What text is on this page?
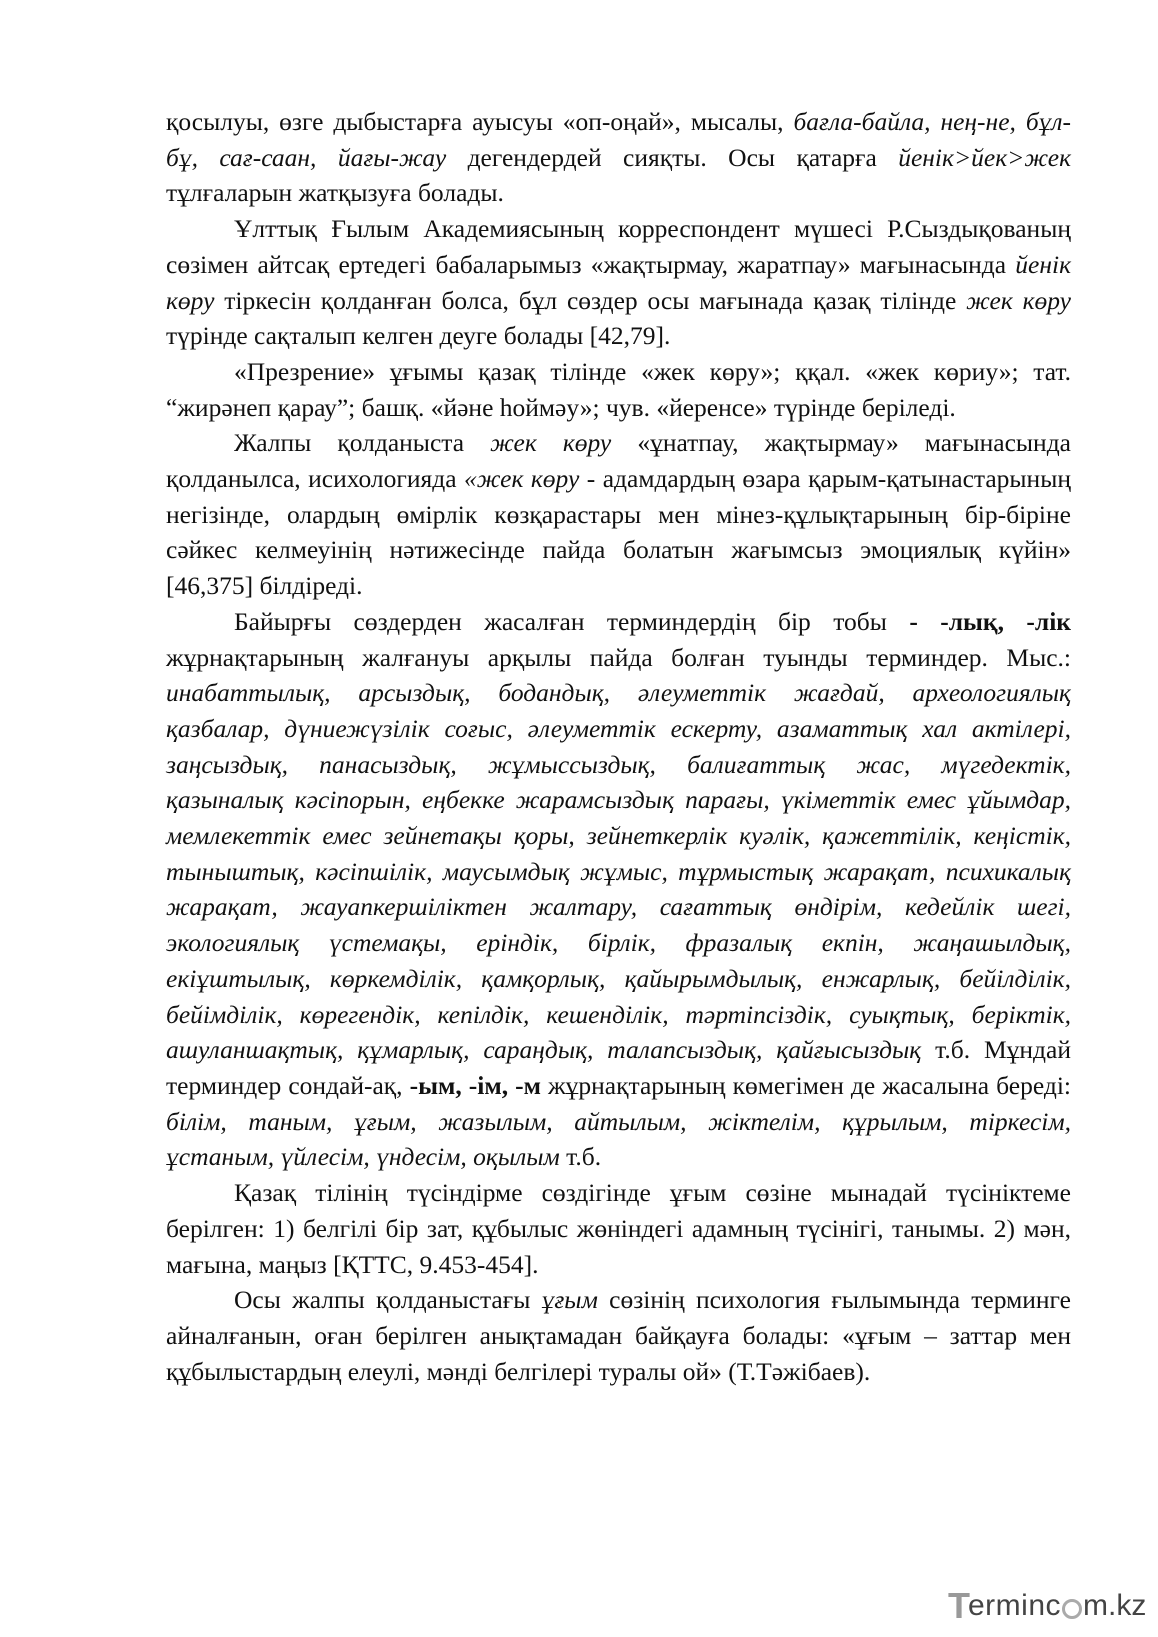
қосылуы, өзге дыбыстарға ауысуы «оп-оңай», мысалы, бағла-байла, нең-не, бұл-бұ, сағ-саан, йағы-жау дегендердей сияқты. Осы қатарға йенік>йек>жек тұлғаларын жатқызуға болады.

Ұлттық Ғылым Академиясының корреспондент мүшесі Р.Сыздықованың сөзімен айтсақ ертедегі бабаларымыз «жақтырмау, жаратпау» мағынасында йенік көру тіркесін қолданған болса, бұл сөздер осы мағынада қазақ тілінде жек көру түрінде сақталып келген деуге болады [42,79].

«Презрение» ұғымы қазақ тілінде «жек көру»; ққал. «жек көриу»; тат. “жирәнеп қарау”; башқ. «йәне һоймәу»; чув. «йеренсе» түрінде беріледі.

Жалпы қолданыста жек көру «ұнатпау, жақтырмау» мағынасында қолданылса, исихологияда «жек көру - адамдардың өзара қарым-қатынастарының негізінде, олардың өмірлік көзқарастары мен мінез-құлықтарының бір-біріне сәйкес келмеуінің нәтижесінде пайда болатын жағымсыз эмоциялық күйін» [46,375] білдіреді.

Байырғы сөздерден жасалған терминдердің бір тобы - -лық, -лік жұрнақтарының жалғануы арқылы пайда болған туынды терминдер. Мыс.: инабаттылық, арсыздық, бодандық, әлеуметтік жағдай, археологиялық қазбалар, дүниежүзілік соғыс, әлеуметтік ескерту, азаматтық хал актілері, заңсыздық, панасыздық, жұмыссыздық, балиғаттық жас, мүгедектік, қазыналық кәсіпорын, еңбекке жарамсыздық парағы, үкіметтік емес ұйымдар, мемлекеттік емес зейнетақы қоры, зейнеткерлік куәлік, қажеттілік, кеңістік, тыныштық, кәсіпшілік, маусымдық жұмыс, тұрмыстық жарақат, психикалық жарақат, жауапкершіліктен жалтару, сағаттық өндірім, кедейлік шегі, экологиялық үстемақы, еріндік, бірлік, фразалық екпін, жаңашылдық, екіұштылық, көркемділік, қамқорлық, қайырымдылық, енжарлық, бейілділік, бейімділік, көрегендік, кепілдік, кешенділік, тәртіпсіздік, суықтық, беріктік, ашуланшақтық, құмарлық, сараңдық, талапсыздық, қайғысыздық т.б. Мұндай терминдер сондай-ақ, -ым, -ім, -м жұрнақтарының көмегімен де жасалына береді: білім, таным, ұғым, жазылым, айтылым, жіктелім, құрылым, тіркесім, ұстаным, үйлесім, үндесім, оқылым т.б.

Қазақ тілінің түсіндірме сөздігінде ұғым сөзіне мынадай түсініктеме берілген: 1) белгілі бір зат, құбылыс жөніндегі адамның түсінігі, танымы. 2) мән, мағына, маңыз [ҚТТС, 9.453-454].

Осы жалпы қолданыстағы ұғым сөзінің психология ғылымында терминге айналғанын, оған берілген анықтамадан байқауға болады: «ұғым – заттар мен құбылыстардың елеулі, мәнді белгілері туралы ой» (Т.Тәжібаев).

T
ermin c m.kz
